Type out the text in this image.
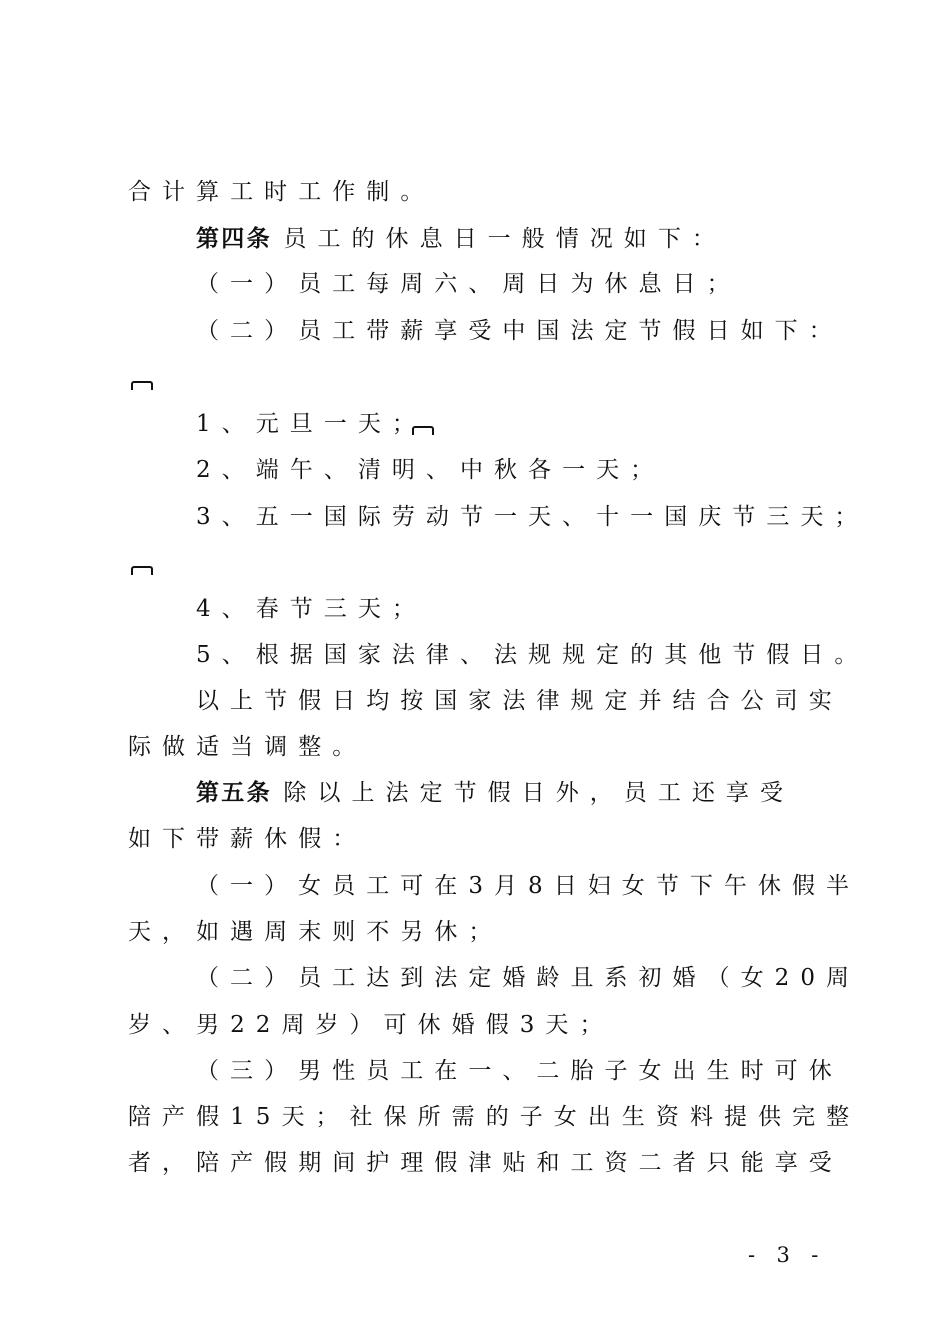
合计算工时工作制。
第四条 员工的休息日一般情况如下：
（一）员工每周六、周日为休息日；
（二）员工带薪享受中国法定节假日如下：
1、元旦一天；
2、端午、清明、中秋各一天；
3、五一国际劳动节一天、十一国庆节三天；
4、春节三天；
5、根据国家法律、法规规定的其他节假日。
以上节假日均按国家法律规定并结合公司实
际做适当调整。
第五条 除以上法定节假日外，员工还享受
如下带薪休假：
（一）女员工可在3月8日妇女节下午休假半
天，如遇周末则不另休；
（二）员工达到法定婚龄且系初婚（女20周
岁、男22周岁）可休婚假3天；
（三）男性员工在一、二胎子女出生时可休
陪产假15天；社保所需的子女出生资料提供完整
者，陪产假期间护理假津贴和工资二者只能享受
- 3 -
